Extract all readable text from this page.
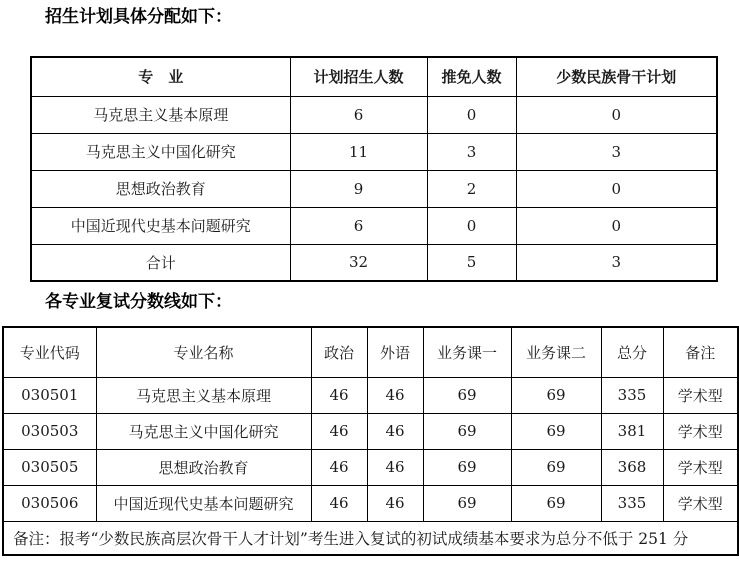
招生计划具体分配如下：
专　业	计划招生人数	推免人数	少数民族骨干计划
马克思主义基本原理	6	0	0
马克思主义中国化研究	11	3	3
思想政治教育	9	2	0
中国近现代史基本问题研究	6	0	0
合计	32	5	3
各专业复试分数线如下：
专业代码	专业名称	政治	外语	业务课一	业务课二	总分	备注
030501	马克思主义基本原理	46	46	69	69	335	学术型
030503	马克思主义中国化研究	46	46	69	69	381	学术型
030505	思想政治教育	46	46	69	69	368	学术型
030506	中国近现代史基本问题研究	46	46	69	69	335	学术型
备注：报考“少数民族高层次骨干人才计划”考生进入复试的初试成绩基本要求为总分不低于 251 分							
